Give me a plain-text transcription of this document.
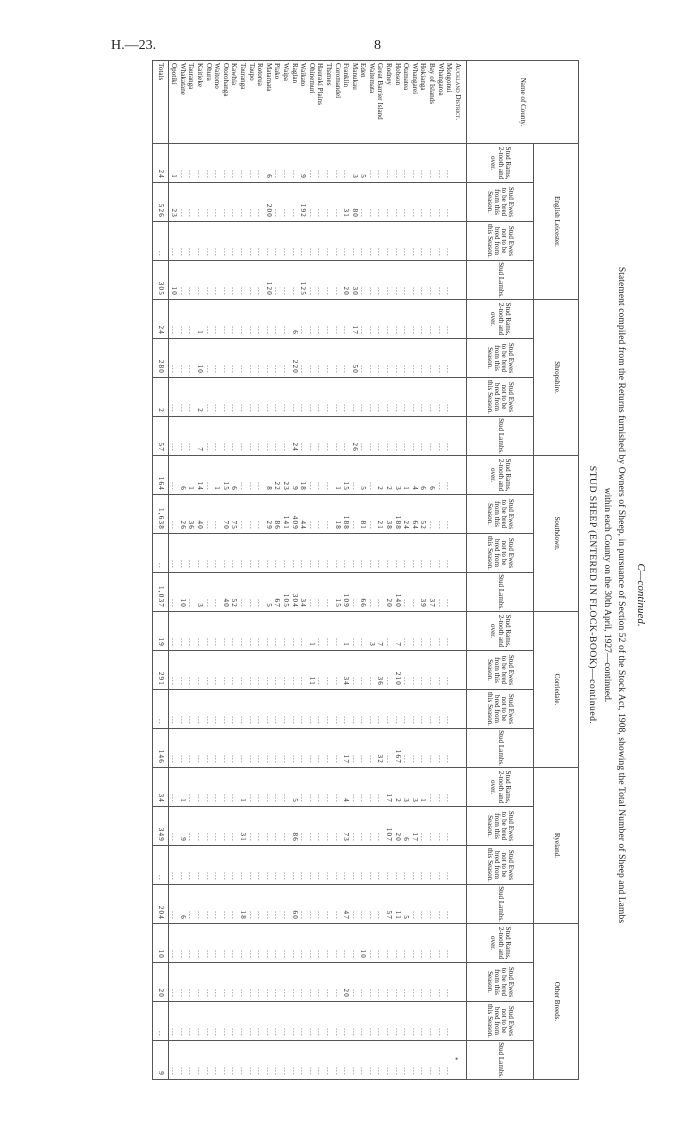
H.—23.	8
C—continued.
Statement compiled from the Returns furnished by Owners of Sheep, in pursuance of Section 52 of the Stock Act, 1908, showing the Total Number of Sheep and Lambs
within each County on the 30th April, 1927—continued.
STUD SHEEP (ENTERED IN FLOCK-BOOK)—continued.
Name of County.	English Leicester.				Shropshire.				Southdown.				Corriedale.				Ryeland.				Other Breeds.			
	Stud Rams, 2-tooth and over.	Stud Ewes to be bred from this Season.	Stud Ewes not to be bred from this Season.	Stud Lambs.	Stud Rams, 2-tooth and over.	Stud Ewes to be bred from this Season.	Stud Ewes not to be bred from this Season.	Stud Lambs.	Stud Rams, 2-tooth and over.	Stud Ewes to be bred from this Season.	Stud Ewes not to be bred from this Season.	Stud Lambs.	Stud Rams, 2-tooth and over.	Stud Ewes to be bred from this Season.	Stud Ewes not to be bred from this Season.	Stud Lambs.	Stud Rams, 2-tooth and over.	Stud Ewes to be bred from this Season.	Stud Ewes not to be bred from this Season.	Stud Lambs.	Stud Rams, 2-tooth and over.	Stud Ewes to be bred from this Season.	Stud Ewes not to be bred from this Season.	Stud Lambs.
Auckland District.																								
Mongonui	...	...	...	...	...	...	...	...	...	...	...	...	...	...	...	...	...	...	...	...	...	...	...	...
Whangaroa	...	...	...	...	...	...	...	...	...	...	...	...	...	...	...	...	...	...	...	...	...	...	...	...
Bay of Islands	...	...	...	...	...	...	...	...	6	...	...	37	...	...	...	...	...	...	...	...	...	...	...	...
Hokianga	...	...	...	...	...	...	...	...	6	52	...	39	...	...	...	...	1	...	...	...	...	...	...	...
Whangarei	...	...	...	...	...	...	...	...	4	64	...	...	...	...	...	...	3	17	...	...	...	...	...	...
Otamatea	...	...	...	...	...	...	...	...	1	24	...	...	...	...	...	...	3	6	...	5	...	...	...	...
Hobson	...	...	...	...	...	...	...	...	3	188	...	140	7	210	...	167	2	20	...	11	...	...	...	...
Rodney	...	...	...	...	...	...	...	...	2	38	...	20	...	...	...	...	17	107	...	57	...	...	...	...
Great Barrier Island	...	...	...	...	...	...	...	...	2	21	...	...	7	36	...	32	...	...	...	...	...	...	...	...
Waitemata	...	...	...	...	...	...	...	...	...	...	...	...	3	...	...	...	...	...	...	...	...	...	...	...
Eden	5	...	...	...	...	...	...	...	5	81	...	66	...	...	...	...	...	...	...	...	10	...	...	...
Manukau	3	80	...	30	17	50	...	26	...	...	...	...	...	...	...	...	...	...	...	...	...	...	...	...
Franklin	...	31	...	20	...	...	...	...	15	188	...	109	1	34	...	17	4	73	...	47	...	20	...	...
Coromandel	...	...	...	...	...	...	...	...	1	18	...	15	...	...	...	...	...	...	...	...	...	...	...	...
Thames	...	...	...	...	...	...	...	...	...	...	...	...	...	...	...	...	...	...	...	...	...	...	...	...
Hauraki Plains	...	...	...	...	...	...	...	...	...	...	...	...	...	...	...	...	...	...	...	...	...	...	...	...
Ohinemuri	...	...	...	...	...	...	...	...	...	...	...	...	1	11	...	...	...	...	...	...	...	...	...	...
Waikato	9	192	...	125	...	...	...	...	18	44	...	34	...	...	...	...	...	...	...	...	...	...	...	...
Raglan	...	...	...	...	6	220	...	24	9	409	...	304	...	...	...	...	5	86	...	60	...	...	...	...
Waipa	...	...	...	...	...	...	...	...	23	141	...	105	...	...	...	...	...	...	...	...	...	...	...	...
Piako	...	...	...	...	...	...	...	...	22	86	...	67	...	...	...	...	...	...	...	...	...	...	...	...
Matamata	6	200	...	120	...	...	...	...	8	29	...	5	...	...	...	...	...	...	...	...	...	...	...	...
Rotorua	...	...	...	...	...	...	...	...	...	...	...	...	...	...	...	...	...	...	...	...	...	...	...	...
Taupo	...	...	...	...	...	...	...	...	...	...	...	...	...	...	...	...	...	...	...	...	...	...	...	...
Tauranga	...	...	...	...	...	...	...	...	...	...	...	...	...	...	...	...	1	31	...	18	...	...	...	...
Kawhia	...	...	...	...	...	...	...	...	6	75	...	52	...	...	...	...	...	...	...	...	...	...	...	...
Otorohanga	...	...	...	...	...	...	...	...	15	70	...	40	...	...	...	...	...	...	...	...	...	...	...	...
Waitomo	...	...	...	...	...	...	...	...	1	...	...	...	...	...	...	...	...	...	...	...	...	...	...	...
Ohura	...	...	...	...	...	...	...	...	...	...	...	...	...	...	...	...	...	...	...	...	...	...	...	...
Kaitieke	...	...	...	...	1	10	2	7	14	40	...	3	...	...	...	...	...	...	...	...	...	...	...	...
Tauranga	...	...	...	...	...	...	...	...	1	36	...	...	...	...	...	...	...	...	...	...	...	...	...	...
Whakatane	...	...	...	...	...	...	...	...	6	26	...	10	...	...	...	...	1	9	...	6	...	...	...	...
Opotiki	1	23	...	10	...	...	...	...	...	...	...	...	...	...	...	...	...	...	...	...	...	...	...	...
Totals	24	526	..	305	24	280	2	57	164	1,638	..	1,037	19	291	..	146	34	349	..	204	10	20	..	9
•
